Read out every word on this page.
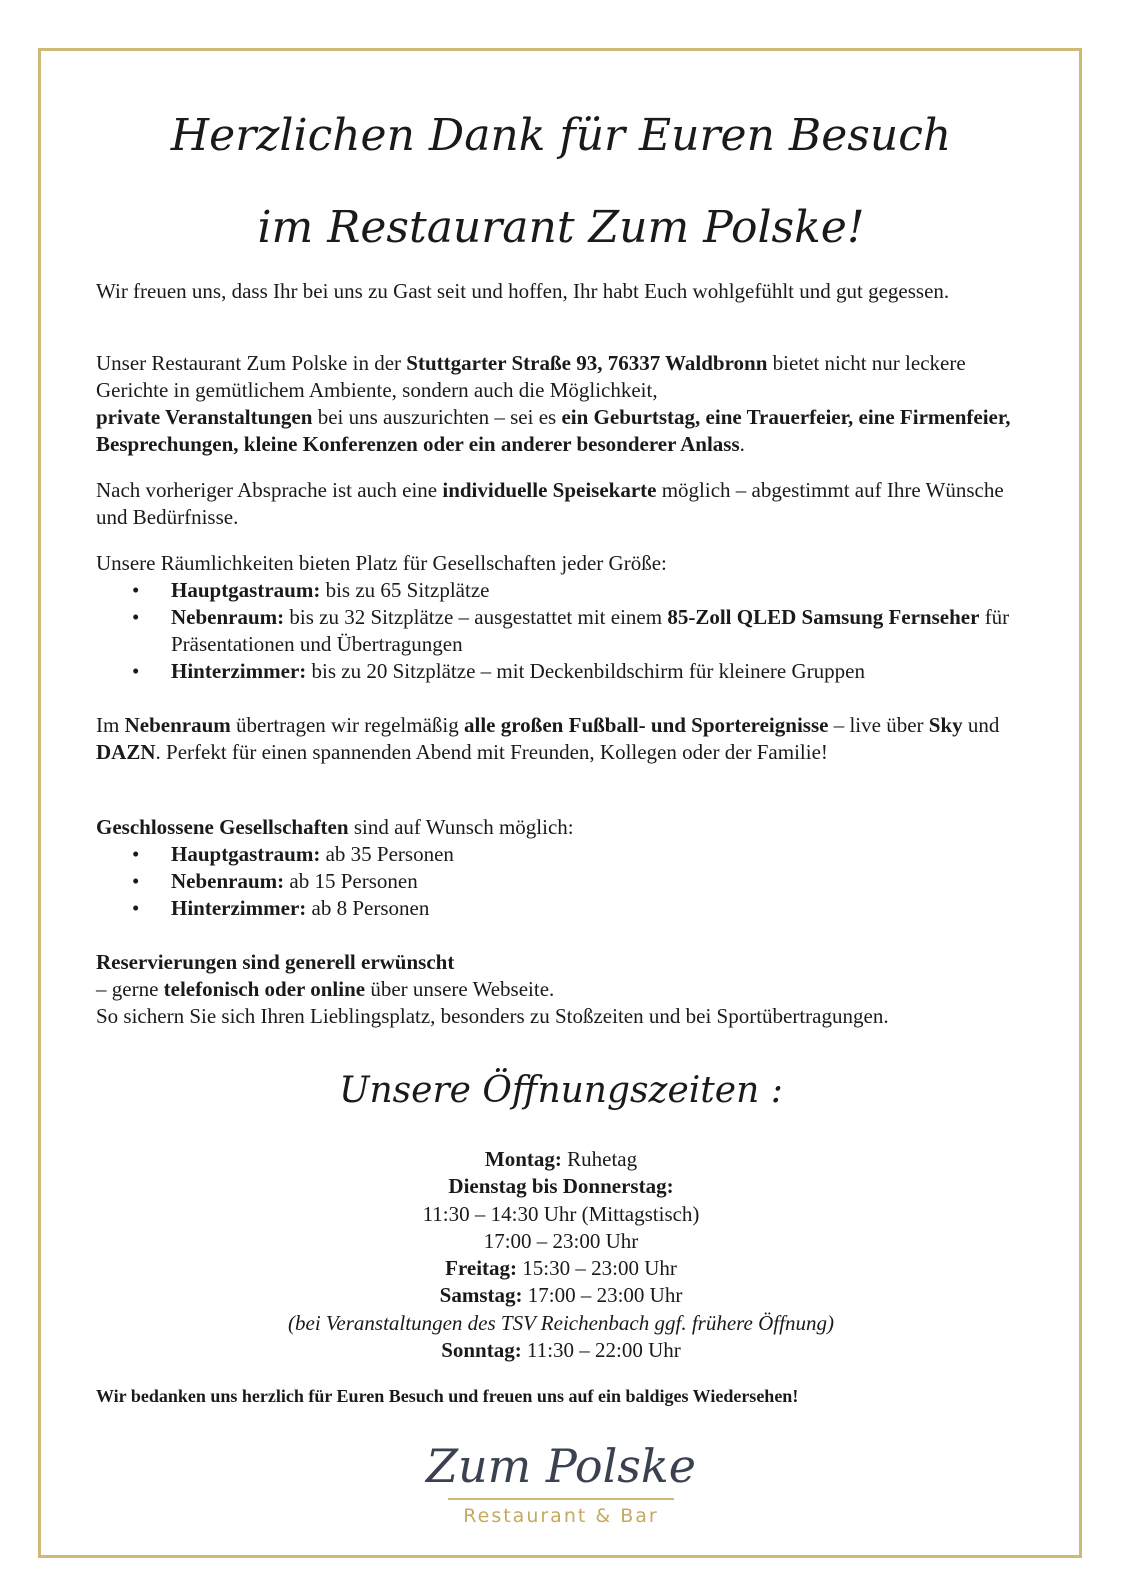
Herzlichen Dank für Euren Besuch
im Restaurant Zum Polske!

Wir freuen uns, dass Ihr bei uns zu Gast seit und hoffen, Ihr habt Euch wohlgefühlt und gut gegessen.

Unser Restaurant Zum Polske in der Stuttgarter Straße 93, 76337 Waldbronn bietet nicht nur leckere Gerichte in gemütlichem Ambiente, sondern auch die Möglichkeit,
private Veranstaltungen bei uns auszurichten – sei es ein Geburtstag, eine Trauerfeier, eine Firmenfeier, Besprechungen, kleine Konferenzen oder ein anderer besonderer Anlass.

Nach vorheriger Absprache ist auch eine individuelle Speisekarte möglich – abgestimmt auf Ihre Wünsche und Bedürfnisse.

Unsere Räumlichkeiten bieten Platz für Gesellschaften jeder Größe:

• Hauptgastraum: bis zu 65 Sitzplätze
• Nebenraum: bis zu 32 Sitzplätze – ausgestattet mit einem 85-Zoll QLED Samsung Fernseher für Präsentationen und Übertragungen
• Hinterzimmer: bis zu 20 Sitzplätze – mit Deckenbildschirm für kleinere Gruppen

Im Nebenraum übertragen wir regelmäßig alle großen Fußball- und Sportereignisse – live über Sky und DAZN. Perfekt für einen spannenden Abend mit Freunden, Kollegen oder der Familie!

Geschlossene Gesellschaften sind auf Wunsch möglich:

• Hauptgastraum: ab 35 Personen
• Nebenraum: ab 15 Personen
• Hinterzimmer: ab 8 Personen

Reservierungen sind generell erwünscht

– gerne telefonisch oder online über unsere Webseite.

So sichern Sie sich Ihren Lieblingsplatz, besonders zu Stoßzeiten und bei Sportübertragungen.

Unsere Öffnungszeiten :
Montag: Ruhetag
Dienstag bis Donnerstag:
11:30 – 14:30 Uhr (Mittagstisch)
17:00 – 23:00 Uhr
Freitag: 15:30 – 23:00 Uhr
Samstag: 17:00 – 23:00 Uhr
(bei Veranstaltungen des TSV Reichenbach ggf. frühere Öffnung)
Sonntag: 11:30 – 22:00 Uhr
Wir bedanken uns herzlich für Euren Besuch und freuen uns auf ein baldiges Wiedersehen!
Zum Polske
Restaurant & Bar
